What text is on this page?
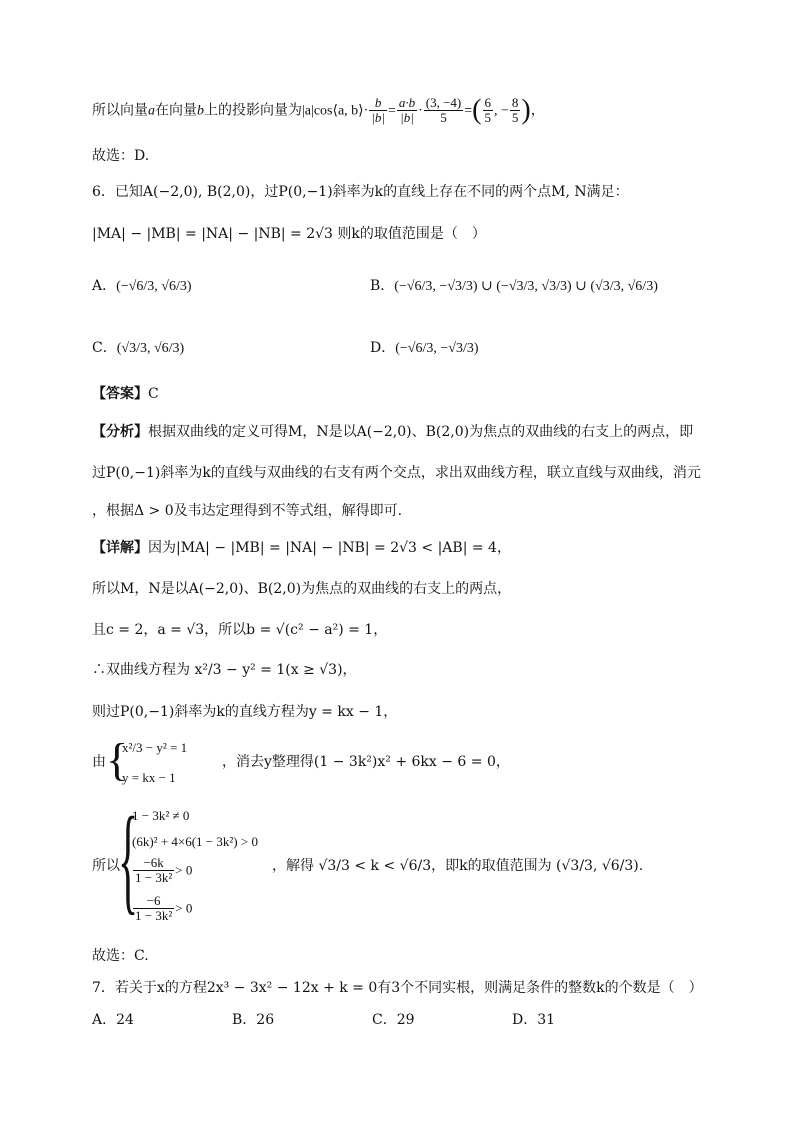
所以向量a在向量b上的投影向量为|a|cos⟨a, b⟩· $\frac{b}{|b|} = \frac{a\cdot b}{|b|} \cdot \frac{(3, -4)}{5}$ =( $\frac{6}{5}$ , − $\frac{8}{5}$ )，
故选：D.
6．已知A(−2,0), B(2,0)，过P(0,−1)斜率为k的直线上存在不同的两个点M, N满足：
|MA| − |MB| = |NA| − |NB| = 2√3 则k的取值范围是（　）
A．(−√6/3, √6/3)	B．(−√6/3, −√3/3) ∪ (−√3/3, √3/3) ∪ (√3/3, √6/3)
C．(√3/3, √6/3)	D．(−√6/3, −√3/3)
【答案】C
【分析】根据双曲线的定义可得M，N是以A(−2,0)、B(2,0)为焦点的双曲线的右支上的两点，即
过P(0,−1)斜率为k的直线与双曲线的右支有两个交点，求出双曲线方程，联立直线与双曲线，消元
，根据Δ > 0及韦达定理得到不等式组，解得即可.
【详解】因为|MA| − |MB| = |NA| − |NB| = 2√3 < |AB| = 4，
所以M，N是以A(−2,0)、B(2,0)为焦点的双曲线的右支上的两点，
且c = 2，a = √3，所以b = √(c² − a²) = 1，
∴双曲线方程为 x²/3 − y² = 1(x ≥ √3)，
则过P(0,−1)斜率为k的直线方程为y = kx − 1，
由 {
x²/3 − y² = 1
y = kx − 1
，消去y整理得(1 − 3k²)x² + 6kx − 6 = 0，
所以
{
1 − 3k² ≠ 0
(6k)² + 4×6(1 − 3k²) > 0
$\frac{-6k}{\text{1 − 3k²}} > 0$
$\frac{-6}{\text{1 − 3k²}} > 0$
，解得 √3/3 < k < √6/3，即k的取值范围为 (√3/3, √6/3).
故选：C.
7．若关于x的方程2x³ − 3x² − 12x + k = 0有3个不同实根，则满足条件的整数k的个数是（　）
A．24	B．26	C．29	D．31
